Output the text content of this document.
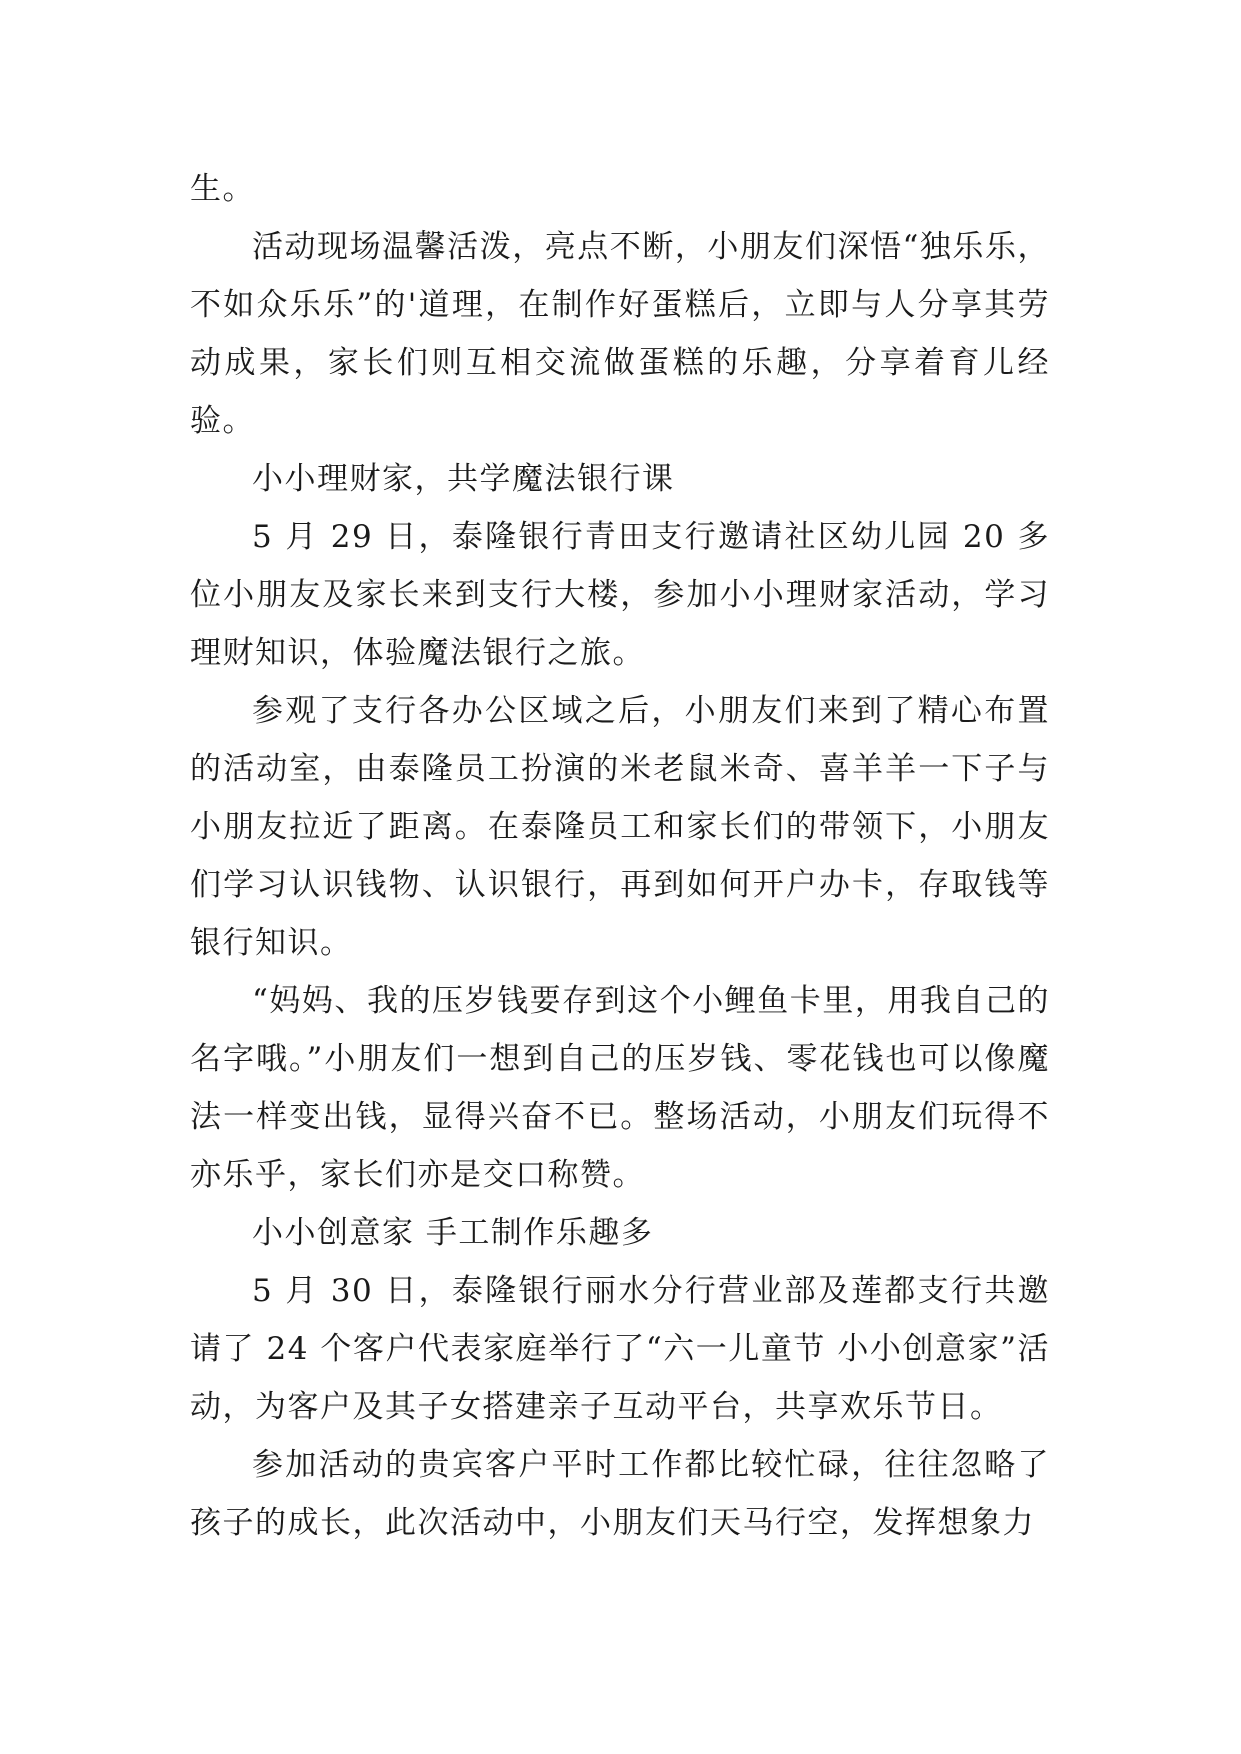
生。

活动现场温馨活泼，亮点不断，小朋友们深悟“独乐乐，不如众乐乐”的'道理，在制作好蛋糕后，立即与人分享其劳动成果，家长们则互相交流做蛋糕的乐趣，分享着育儿经验。

小小理财家，共学魔法银行课

5 月 29 日，泰隆银行青田支行邀请社区幼儿园 20 多位小朋友及家长来到支行大楼，参加小小理财家活动，学习理财知识，体验魔法银行之旅。

参观了支行各办公区域之后，小朋友们来到了精心布置的活动室，由泰隆员工扮演的米老鼠米奇、喜羊羊一下子与小朋友拉近了距离。在泰隆员工和家长们的带领下，小朋友们学习认识钱物、认识银行，再到如何开户办卡，存取钱等银行知识。

“妈妈、我的压岁钱要存到这个小鲤鱼卡里，用我自己的名字哦。”小朋友们一想到自己的压岁钱、零花钱也可以像魔法一样变出钱，显得兴奋不已。整场活动，小朋友们玩得不亦乐乎，家长们亦是交口称赞。

小小创意家 手工制作乐趣多

5 月 30 日，泰隆银行丽水分行营业部及莲都支行共邀请了 24 个客户代表家庭举行了“六一儿童节 小小创意家”活动，为客户及其子女搭建亲子互动平台，共享欢乐节日。

参加活动的贵宾客户平时工作都比较忙碌，往往忽略了孩子的成长，此次活动中，小朋友们天马行空，发挥想象力
